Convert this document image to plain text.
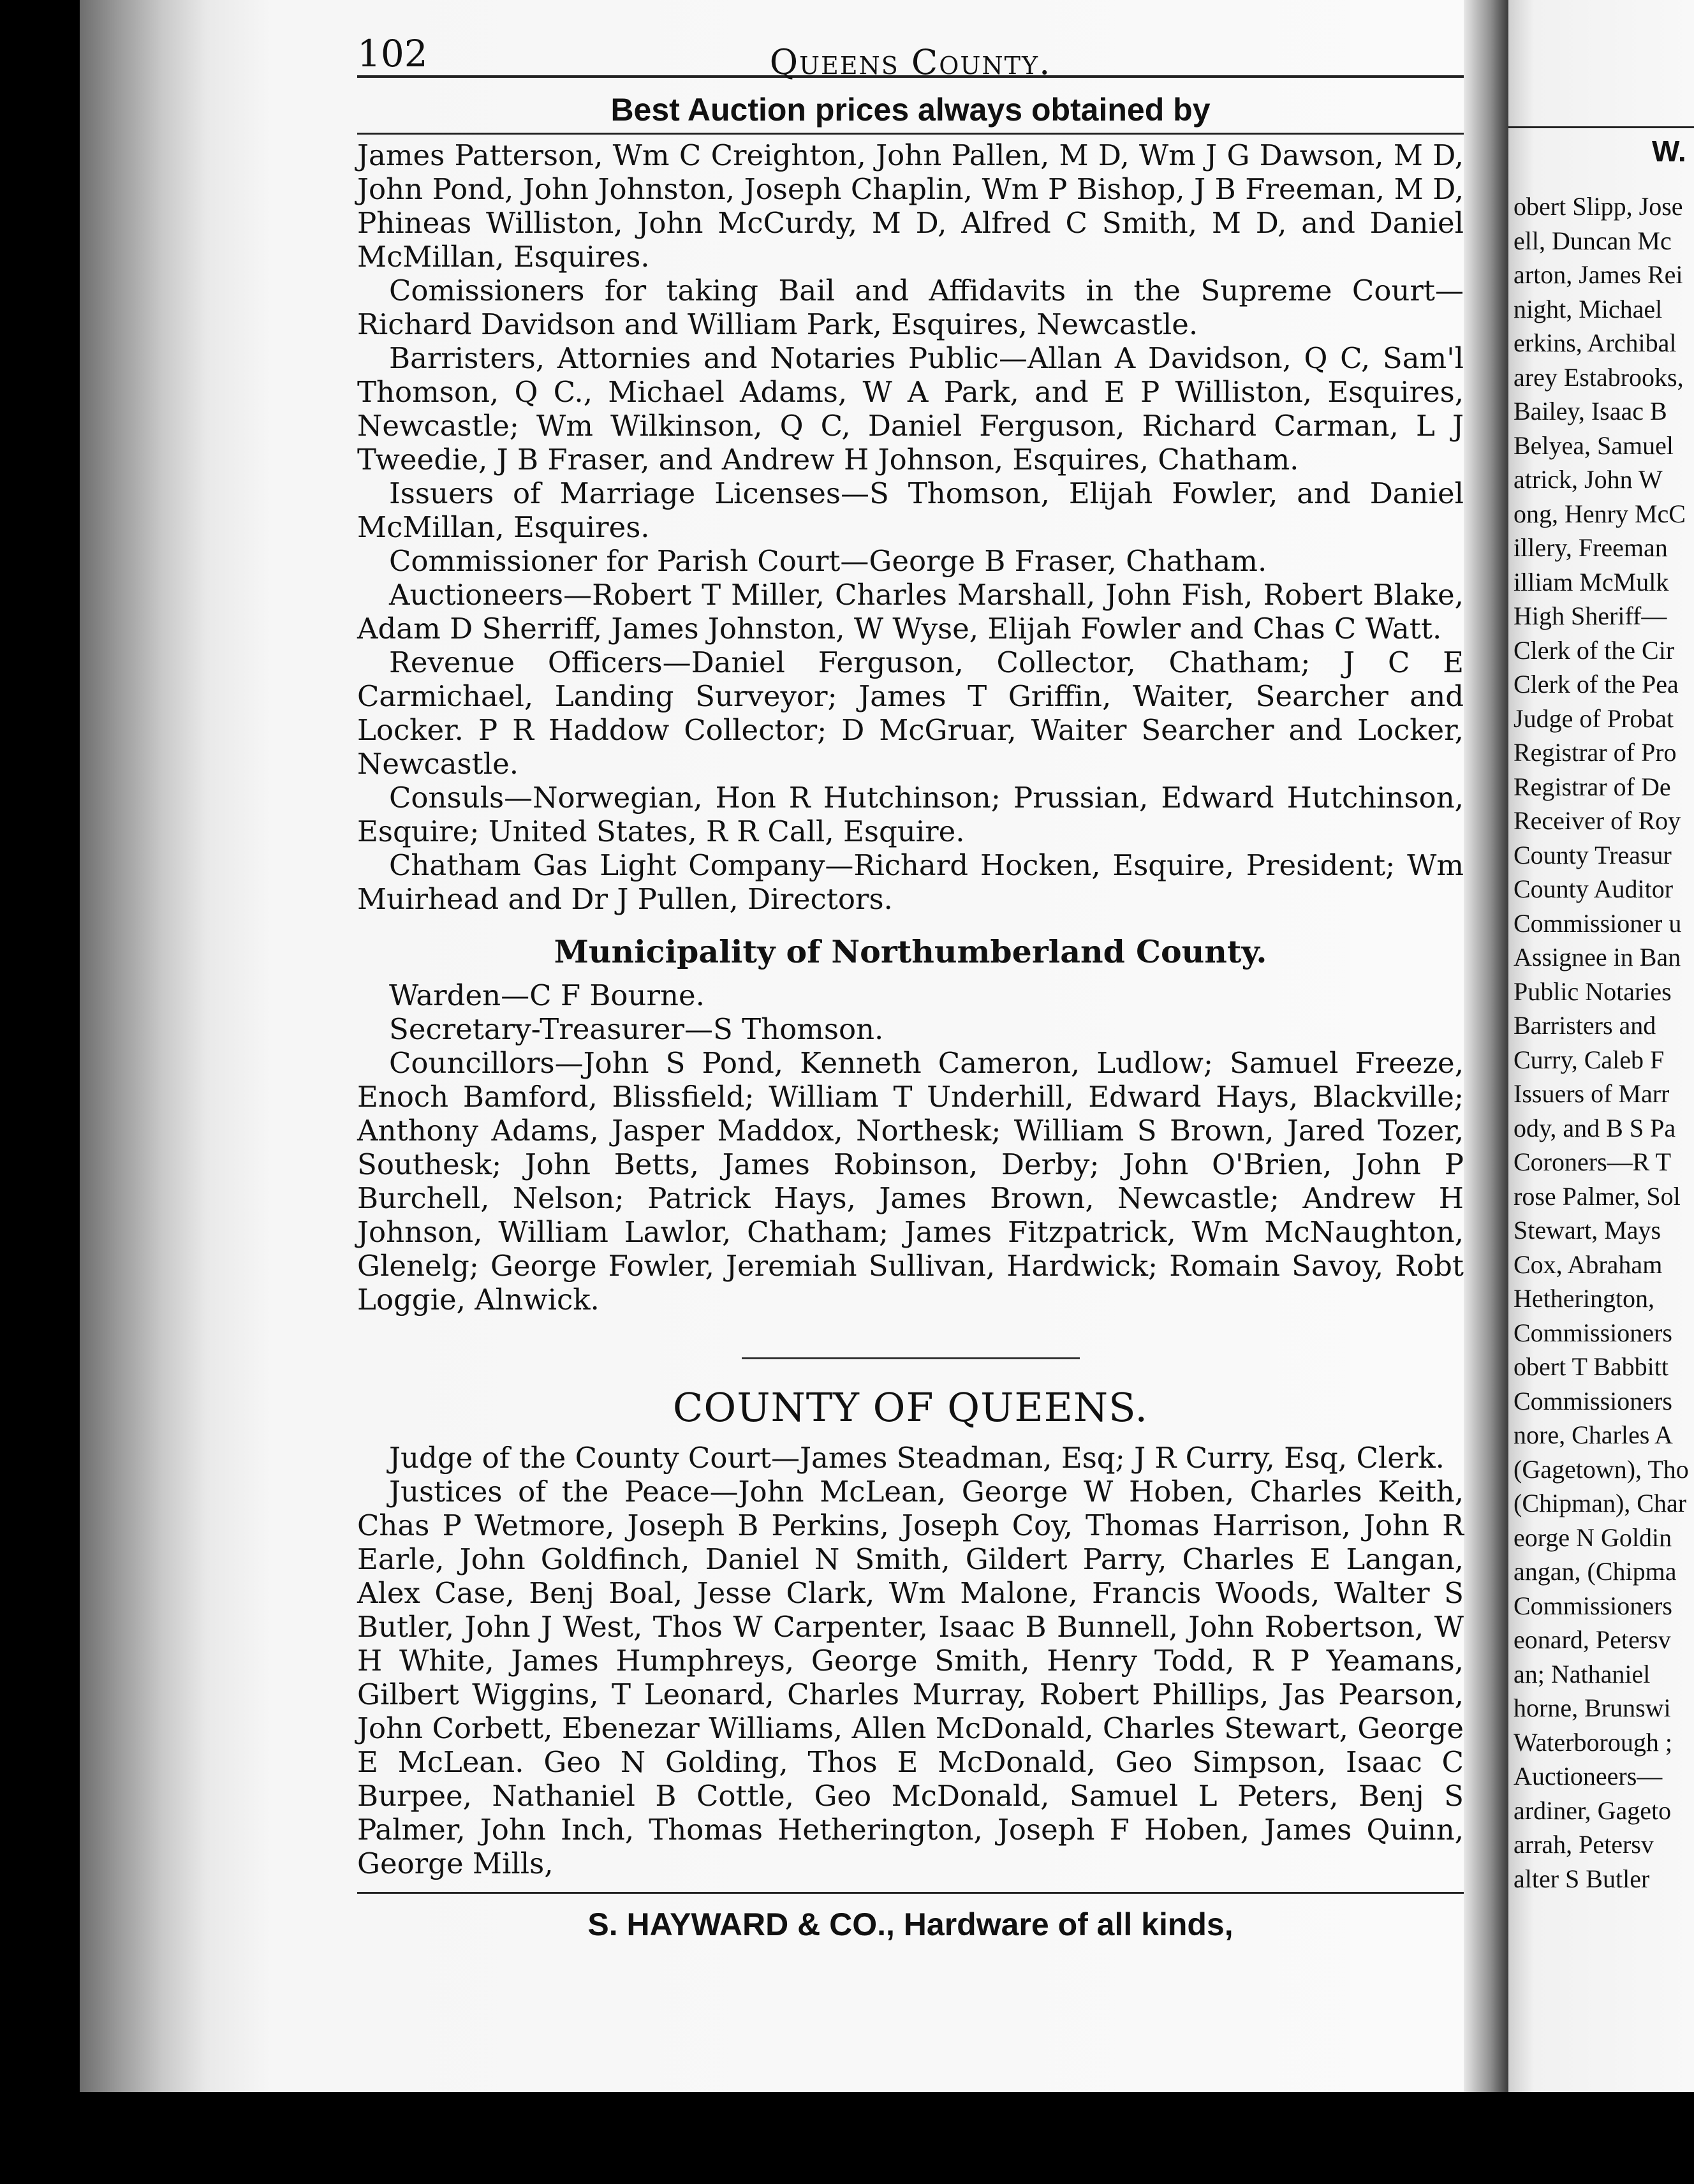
W.
obert Slipp, Jose
ell, Duncan Mc
arton, James Rei
night, Michael
erkins, Archibal
arey Estabrooks,
Bailey, Isaac B
Belyea, Samuel
atrick, John W
ong, Henry McC
illery, Freeman
illiam McMulk
High Sheriff—
Clerk of the Cir
Clerk of the Pea
Judge of Probat
Registrar of Pro
Registrar of De
Receiver of Roy
County Treasur
County Auditor
Commissioner u
Assignee in Ban
Public Notaries
Barristers and
Curry, Caleb F
Issuers of Marr
ody, and B S Pa
Coroners—R T
rose Palmer, Sol
Stewart, Mays
Cox, Abraham
Hetherington,
Commissioners
obert T Babbitt
Commissioners
nore, Charles A
(Gagetown), Tho
(Chipman), Char
eorge N Goldin
angan, (Chipma
Commissioners
eonard, Petersv
an; Nathaniel
horne, Brunswi
Waterborough ;
Auctioneers—
ardiner, Gageto
arrah, Petersv
alter S Butler
102	Queens County.
Best Auction prices always obtained by

James Patterson, Wm C Creighton, John Pallen, M D, Wm J G Dawson, M D, John Pond, John Johnston, Joseph Chaplin, Wm P Bishop, J B Freeman, M D, Phineas Williston, John McCurdy, M D, Alfred C Smith, M D, and Daniel McMillan, Esquires.

Comissioners for taking Bail and Affidavits in the Supreme Court—Richard Davidson and William Park, Esquires, Newcastle.

Barristers, Attornies and Notaries Public—Allan A Davidson, Q C, Sam'l Thomson, Q C., Michael Adams, W A Park, and E P Williston, Esquires, Newcastle; Wm Wilkinson, Q C, Daniel Ferguson, Richard Carman, L J Tweedie, J B Fraser, and Andrew H Johnson, Esquires, Chatham.

Issuers of Marriage Licenses—S Thomson, Elijah Fowler, and Daniel McMillan, Esquires.

Commissioner for Parish Court—George B Fraser, Chatham.

Auctioneers—Robert T Miller, Charles Marshall, John Fish, Robert Blake, Adam D Sherriff, James Johnston, W Wyse, Elijah Fowler and Chas C Watt.

Revenue Officers—Daniel Ferguson, Collector, Chatham; J C E Carmichael, Landing Surveyor; James T Griffin, Waiter, Searcher and Locker. P R Haddow Collector; D McGruar, Waiter Searcher and Locker, Newcastle.

Consuls—Norwegian, Hon R Hutchinson; Prussian, Edward Hutchinson, Esquire; United States, R R Call, Esquire.

Chatham Gas Light Company—Richard Hocken, Esquire, President; Wm Muirhead and Dr J Pullen, Directors.

Municipality of Northumberland County.

Warden—C F Bourne.

Secretary-Treasurer—S Thomson.

Councillors—John S Pond, Kenneth Cameron, Ludlow; Samuel Freeze, Enoch Bamford, Blissfield; William T Underhill, Edward Hays, Blackville; Anthony Adams, Jasper Maddox, Northesk; William S Brown, Jared Tozer, Southesk; John Betts, James Robinson, Derby; John O'Brien, John P Burchell, Nelson; Patrick Hays, James Brown, Newcastle; Andrew H Johnson, William Lawlor, Chatham; James Fitzpatrick, Wm McNaughton, Glenelg; George Fowler, Jeremiah Sullivan, Hardwick; Romain Savoy, Robt Loggie, Alnwick.

COUNTY OF QUEENS.

Judge of the County Court—James Steadman, Esq; J R Curry, Esq, Clerk.

Justices of the Peace—John McLean, George W Hoben, Charles Keith, Chas P Wetmore, Joseph B Perkins, Joseph Coy, Thomas Harrison, John R Earle, John Goldfinch, Daniel N Smith, Gildert Parry, Charles E Langan, Alex Case, Benj Boal, Jesse Clark, Wm Malone, Francis Woods, Walter S Butler, John J West, Thos W Carpenter, Isaac B Bunnell, John Robertson, W H White, James Humphreys, George Smith, Henry Todd, R P Yeamans, Gilbert Wiggins, T Leonard, Charles Murray, Robert Phillips, Jas Pearson, John Corbett, Ebenezar Williams, Allen McDonald, Charles Stewart, George E McLean. Geo N Golding, Thos E McDonald, Geo Simpson, Isaac C Burpee, Nathaniel B Cottle, Geo McDonald, Samuel L Peters, Benj S Palmer, John Inch, Thomas Hetherington, Joseph F Hoben, James Quinn, George Mills,

S. HAYWARD & CO., Hardware of all kinds,
